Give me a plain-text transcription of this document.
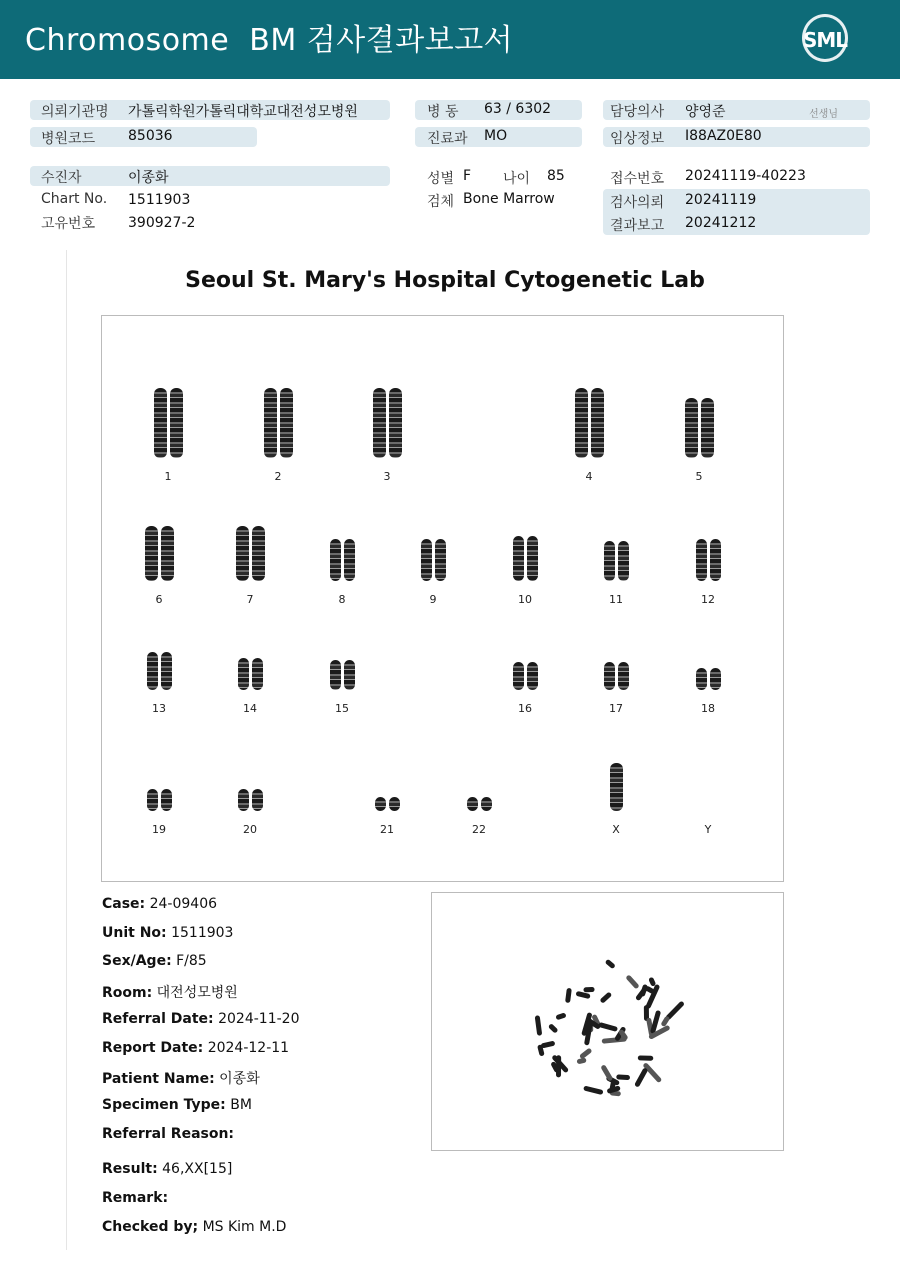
Chromosome  BM 검사결과보고서	SML
의뢰기관명 가톨릭학원가톨릭대학교대전성모병원	병 동 63 / 6302	담당의사 양영준	선생님
병원코드 85036	진료과 MO	임상정보 I88AZ0E80
수진자	이종화	성별 F 나이 85	접수번호 20241119-40223
Chart No. 1511903	검체 Bone Marrow	검사의뢰 20241119
고유번호 390927-2	결과보고 20241212
Seoul St. Mary's Hospital Cytogenetic Lab
1	2	3	4	5
6	7	8	9	10	11	12
13	14	15	16	17	18
19	20	21	22	X	Y
Case: 24-09406
Unit No: 1511903
Sex/Age: F/85
Room: 대전성모병원
Referral Date: 2024-11-20
Report Date: 2024-12-11
Patient Name: 이종화
Specimen Type: BM
Referral Reason:
Result: 46,XX[15]
Remark:
Checked by; MS Kim M.D
